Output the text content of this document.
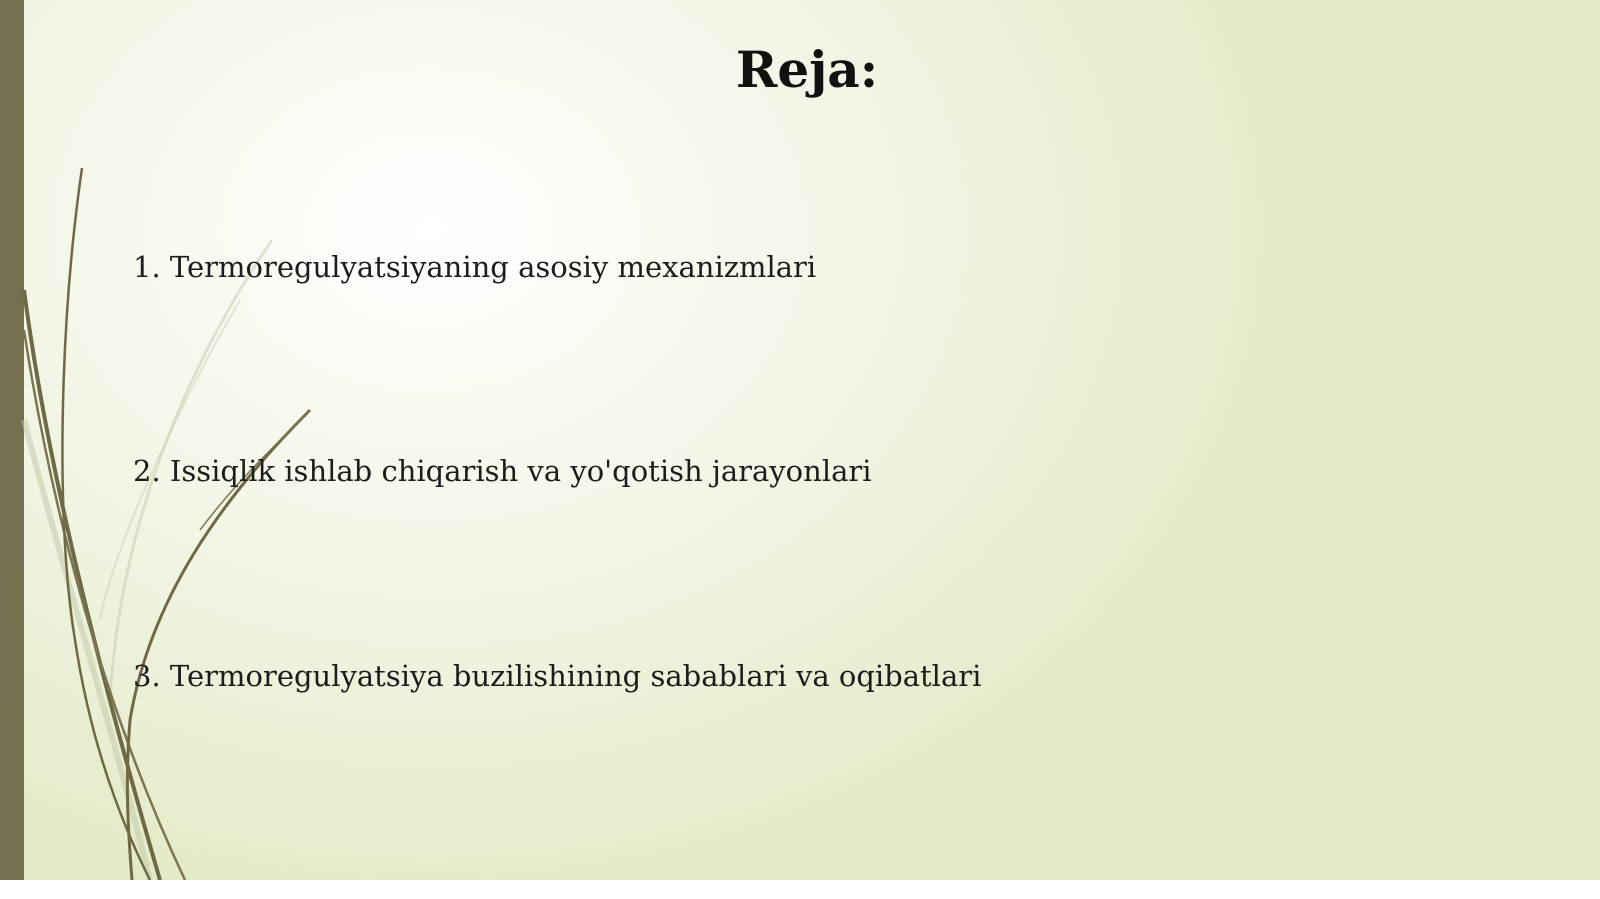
Reja:
1. Termoregulyatsiyaning asosiy mexanizmlari
2. Issiqlik ishlab chiqarish va yo'qotish jarayonlari
3. Termoregulyatsiya buzilishining sabablari va oqibatlari
